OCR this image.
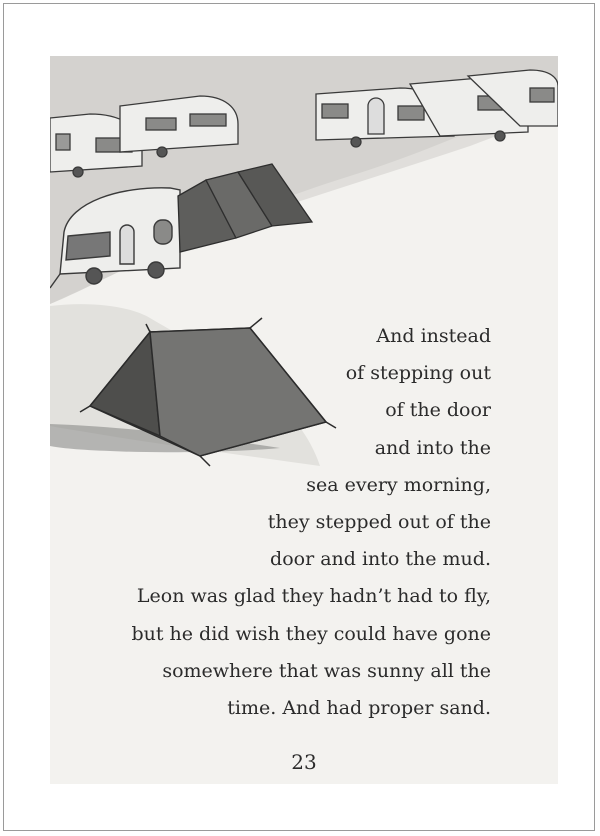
And instead
of stepping out
of the door
and into the
sea every morning,
they stepped out of the
door and into the mud.
Leon was glad they hadn’t had to fly,
but he did wish they could have gone
somewhere that was sunny all the
time. And had proper sand.
23
